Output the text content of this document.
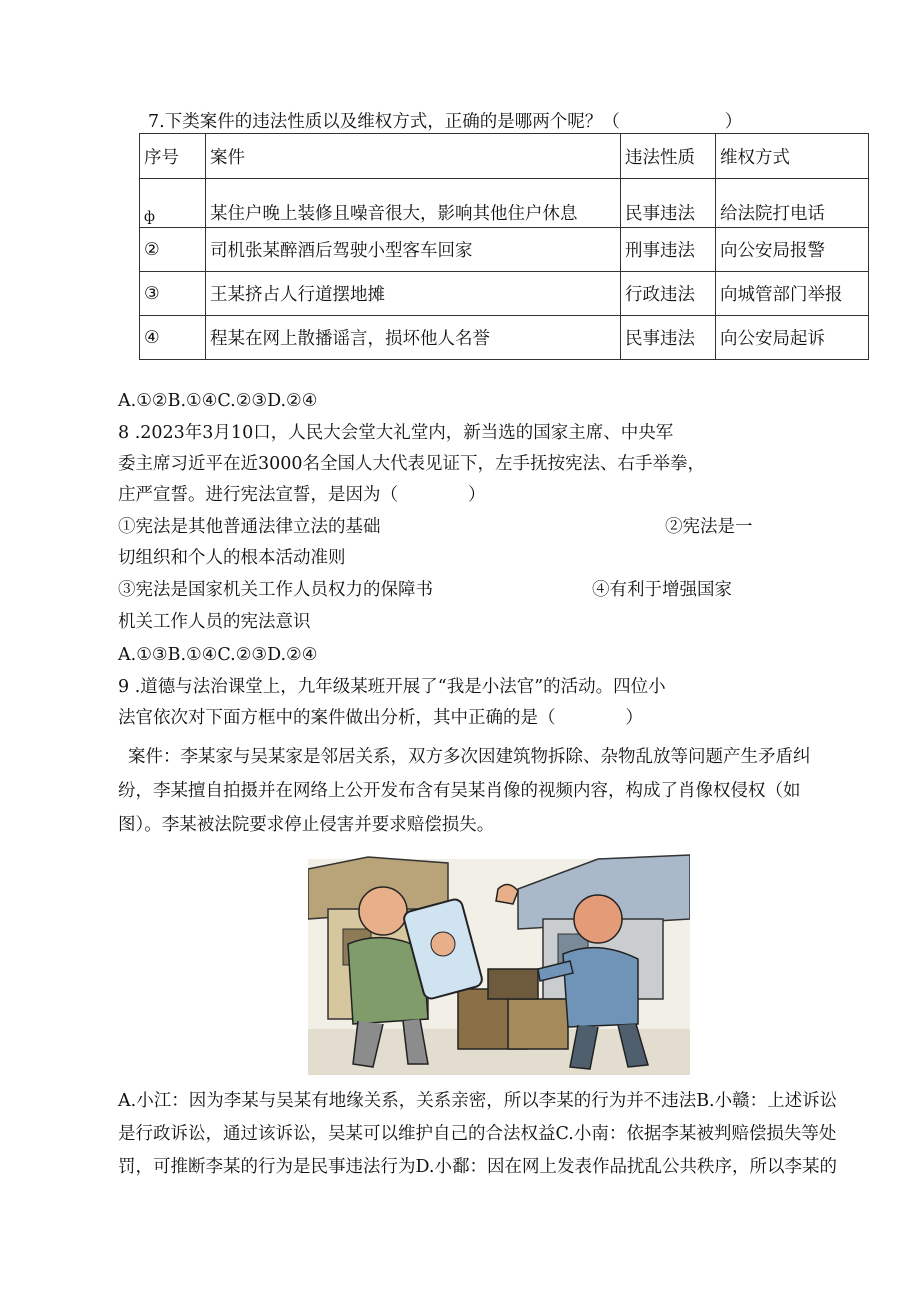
7.下类案件的违法性质以及维权方式，正确的是哪两个呢？（　　　　　　）
序号	案件	违法性质	维权方式
ф	某住户晚上装修且噪音很大，影响其他住户休息	民事违法	给法院打电话
②	司机张某醉酒后驾驶小型客车回家	刑事违法	向公安局报警
③	王某挤占人行道摆地摊	行政违法	向城管部门举报
④	程某在网上散播谣言，损坏他人名誉	民事违法	向公安局起诉
A.①②B.①④C.②③D.②④
8 .2023年3月10口，人民大会堂大礼堂内，新当选的国家主席、中央军
委主席习近平在近3000名全国人大代表见证下，左手抚按宪法、右手举拳，
庄严宣誓。进行宪法宣誓，是因为（　　　　）
①宪法是其他普通法律立法的基础	②宪法是一
切组织和个人的根本活动准则
③宪法是国家机关工作人员权力的保障书	④有利于增强国家
机关工作人员的宪法意识
A.①③B.①④C.②③D.②④
9 .道德与法治课堂上，九年级某班开展了“我是小法官”的活动。四位小
法官依次对下面方框中的案件做出分析，其中正确的是（　　　　）
案件：李某家与吴某家是邻居关系，双方多次因建筑物拆除、杂物乱放等问题产生矛盾纠
纷，李某擅自拍摄并在网络上公开发布含有吴某肖像的视频内容，构成了肖像权侵权（如
图）。李某被法院要求停止侵害并要求赔偿损失。
A.小江：因为李某与吴某有地缘关系，关系亲密，所以李某的行为并不违法B.小赣：上述诉讼
是行政诉讼，通过该诉讼，吴某可以维护自己的合法权益C.小南：依据李某被判赔偿损失等处
罚，可推断李某的行为是民事违法行为D.小鄱：因在网上发表作品扰乱公共秩序，所以李某的
